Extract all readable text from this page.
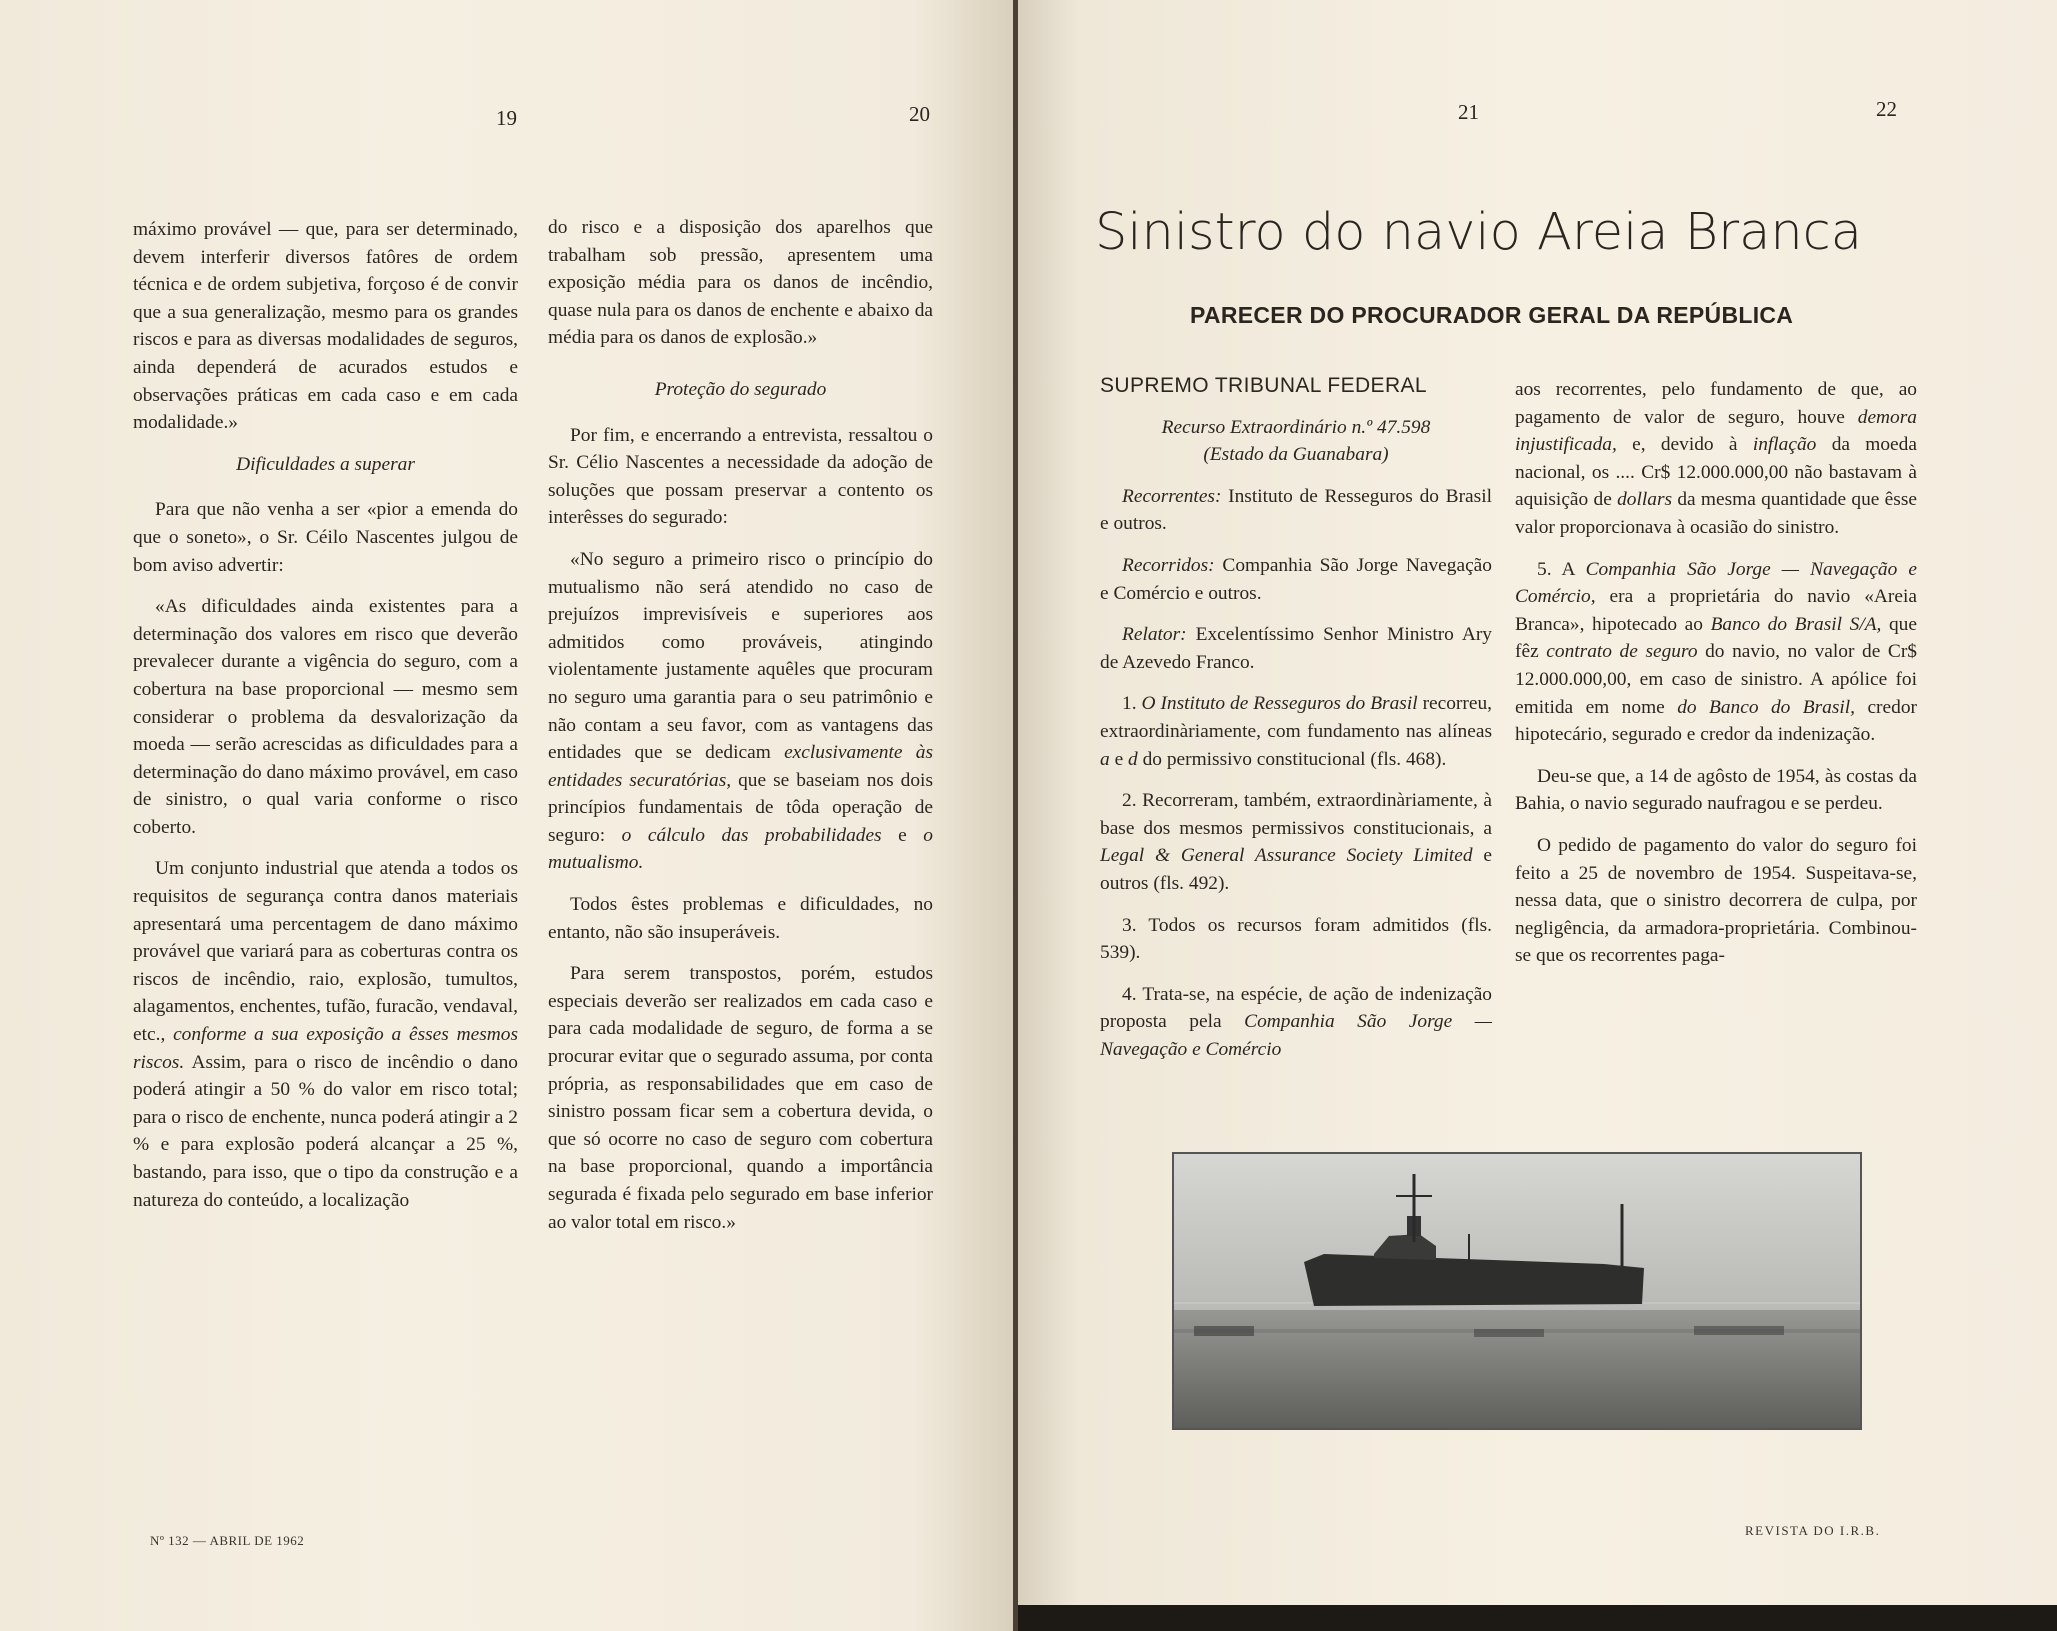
19	20

máximo provável — que, para ser determinado, devem interferir diversos fatôres de ordem técnica e de ordem subjetiva, forçoso é de convir que a sua generalização, mesmo para os grandes riscos e para as diversas modalidades de seguros, ainda dependerá de acurados estudos e observações práticas em cada caso e em cada modalidade.»

Dificuldades a superar

Para que não venha a ser «pior a emenda do que o soneto», o Sr. Céilo Nascentes julgou de bom aviso advertir:

«As dificuldades ainda existentes para a determinação dos valores em risco que deverão prevalecer durante a vigência do seguro, com a cobertura na base proporcional — mesmo sem considerar o problema da desvalorização da moeda — serão acrescidas as dificuldades para a determinação do dano máximo provável, em caso de sinistro, o qual varia conforme o risco coberto.

Um conjunto industrial que atenda a todos os requisitos de segurança contra danos materiais apresentará uma percentagem de dano máximo provável que variará para as coberturas contra os riscos de incêndio, raio, explosão, tumultos, alagamentos, enchentes, tufão, furacão, vendaval, etc., conforme a sua exposição a êsses mesmos riscos. Assim, para o risco de incêndio o dano poderá atingir a 50 % do valor em risco total; para o risco de enchente, nunca poderá atingir a 2 % e para explosão poderá alcançar a 25 %, bastando, para isso, que o tipo da construção e a natureza do conteúdo, a localização

do risco e a disposição dos aparelhos que trabalham sob pressão, apresentem uma exposição média para os danos de incêndio, quase nula para os danos de enchente e abaixo da média para os danos de explosão.»

Proteção do segurado

Por fim, e encerrando a entrevista, ressaltou o Sr. Célio Nascentes a necessidade da adoção de soluções que possam preservar a contento os interêsses do segurado:

«No seguro a primeiro risco o princípio do mutualismo não será atendido no caso de prejuízos imprevisíveis e superiores aos admitidos como prováveis, atingindo violentamente justamente aquêles que procuram no seguro uma garantia para o seu patrimônio e não contam a seu favor, com as vantagens das entidades que se dedicam exclusivamente às entidades securatórias, que se baseiam nos dois princípios fundamentais de tôda operação de seguro: o cálculo das probabilidades e o mutualismo.

Todos êstes problemas e dificuldades, no entanto, não são insuperáveis.

Para serem transpostos, porém, estudos especiais deverão ser realizados em cada caso e para cada modalidade de seguro, de forma a se procurar evitar que o segurado assuma, por conta própria, as responsabilidades que em caso de sinistro possam ficar sem a cobertura devida, o que só ocorre no caso de seguro com cobertura na base proporcional, quando a importância segurada é fixada pelo segurado em base inferior ao valor total em risco.»

Nº 132 — ABRIL DE 1962
21	22
Sinistro do navio Areia Branca
PARECER DO PROCURADOR GERAL DA REPÚBLICA

SUPREMO TRIBUNAL FEDERAL

Recurso Extraordinário n.º 47.598

(Estado da Guanabara)

Recorrentes: Instituto de Resseguros do Brasil e outros.

Recorridos: Companhia São Jorge Navegação e Comércio e outros.

Relator: Excelentíssimo Senhor Ministro Ary de Azevedo Franco.

1. O Instituto de Resseguros do Brasil recorreu, extraordinàriamente, com fundamento nas alíneas a e d do permissivo constitucional (fls. 468).

2. Recorreram, também, extraordinàriamente, à base dos mesmos permissivos constitucionais, a Legal & General Assurance Society Limited e outros (fls. 492).

3. Todos os recursos foram admitidos (fls. 539).

4. Trata-se, na espécie, de ação de indenização proposta pela Companhia São Jorge — Navegação e Comércio

aos recorrentes, pelo fundamento de que, ao pagamento de valor de seguro, houve demora injustificada, e, devido à inflação da moeda nacional, os .... Cr$ 12.000.000,00 não bastavam à aquisição de dollars da mesma quantidade que êsse valor proporcionava à ocasião do sinistro.

5. A Companhia São Jorge — Navegação e Comércio, era a proprietária do navio «Areia Branca», hipotecado ao Banco do Brasil S/A, que fêz contrato de seguro do navio, no valor de Cr$ 12.000.000,00, em caso de sinistro. A apólice foi emitida em nome do Banco do Brasil, credor hipotecário, segurado e credor da indenização.

Deu-se que, a 14 de agôsto de 1954, às costas da Bahia, o navio segurado naufragou e se perdeu.

O pedido de pagamento do valor do seguro foi feito a 25 de novembro de 1954. Suspeitava-se, nessa data, que o sinistro decorrera de culpa, por negligência, da armadora-proprietária. Combinou-se que os recorrentes paga-

REVISTA DO I.R.B.
